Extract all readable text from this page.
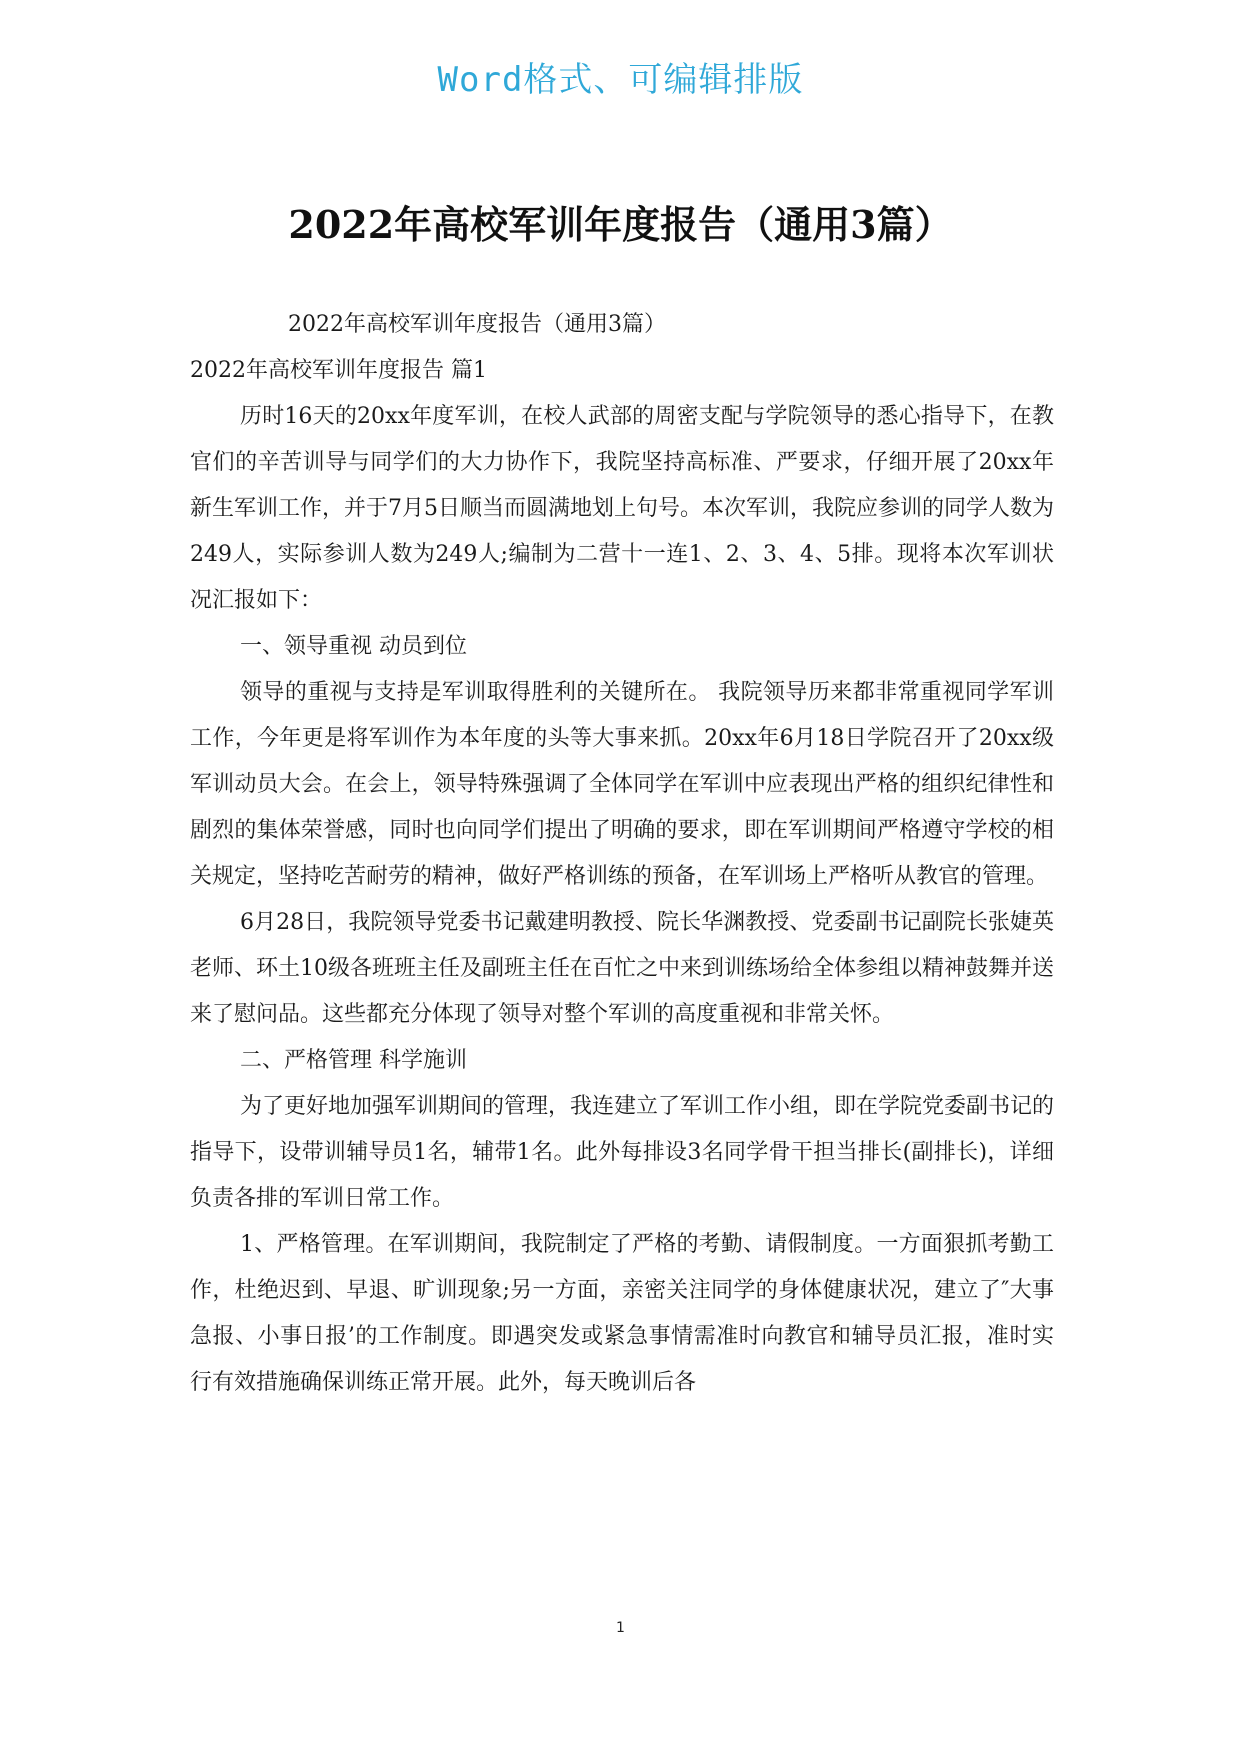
Word格式、可编辑排版
2022年高校军训年度报告（通用3篇）

2022年高校军训年度报告（通用3篇）

2022年高校军训年度报告 篇1

历时16天的20xx年度军训，在校人武部的周密支配与学院领导的悉心指导下，在教官们的辛苦训导与同学们的大力协作下，我院坚持高标准、严要求，仔细开展了20xx年新生军训工作，并于7月5日顺当而圆满地划上句号。本次军训，我院应参训的同学人数为249人，实际参训人数为249人;编制为二营十一连1、2、3、4、5排。现将本次军训状况汇报如下：

一、领导重视 动员到位

领导的重视与支持是军训取得胜利的关键所在。 我院领导历来都非常重视同学军训工作，今年更是将军训作为本年度的头等大事来抓。20xx年6月18日学院召开了20xx级军训动员大会。在会上，领导特殊强调了全体同学在军训中应表现出严格的组织纪律性和剧烈的集体荣誉感，同时也向同学们提出了明确的要求，即在军训期间严格遵守学校的相关规定，坚持吃苦耐劳的精神，做好严格训练的预备，在军训场上严格听从教官的管理。

6月28日，我院领导党委书记戴建明教授、院长华渊教授、党委副书记副院长张婕英老师、环土10级各班班主任及副班主任在百忙之中来到训练场给全体参组以精神鼓舞并送来了慰问品。这些都充分体现了领导对整个军训的高度重视和非常关怀。

二、严格管理 科学施训

为了更好地加强军训期间的管理，我连建立了军训工作小组，即在学院党委副书记的指导下，设带训辅导员1名，辅带1名。此外每排设3名同学骨干担当排长(副排长)，详细负责各排的军训日常工作。

1、严格管理。在军训期间，我院制定了严格的考勤、请假制度。一方面狠抓考勤工作，杜绝迟到、早退、旷训现象;另一方面，亲密关注同学的身体健康状况，建立了″大事急报、小事日报’的工作制度。即遇突发或紧急事情需准时向教官和辅导员汇报，准时实行有效措施确保训练正常开展。此外，每天晚训后各

1
